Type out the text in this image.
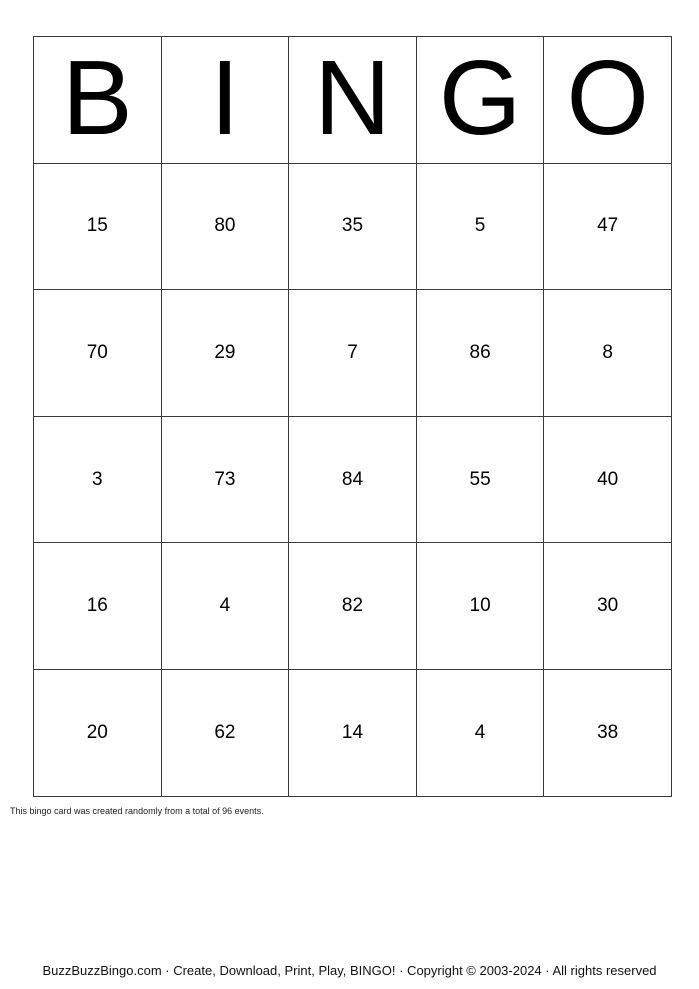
B	I	N	G	O
15	80	35	5	47
70	29	7	86	8
3	73	84	55	40
16	4	82	10	30
20	62	14	4	38
This bingo card was created randomly from a total of 96 events.
BuzzBuzzBingo.com · Create, Download, Print, Play, BINGO! · Copyright © 2003-2024 · All rights reserved
